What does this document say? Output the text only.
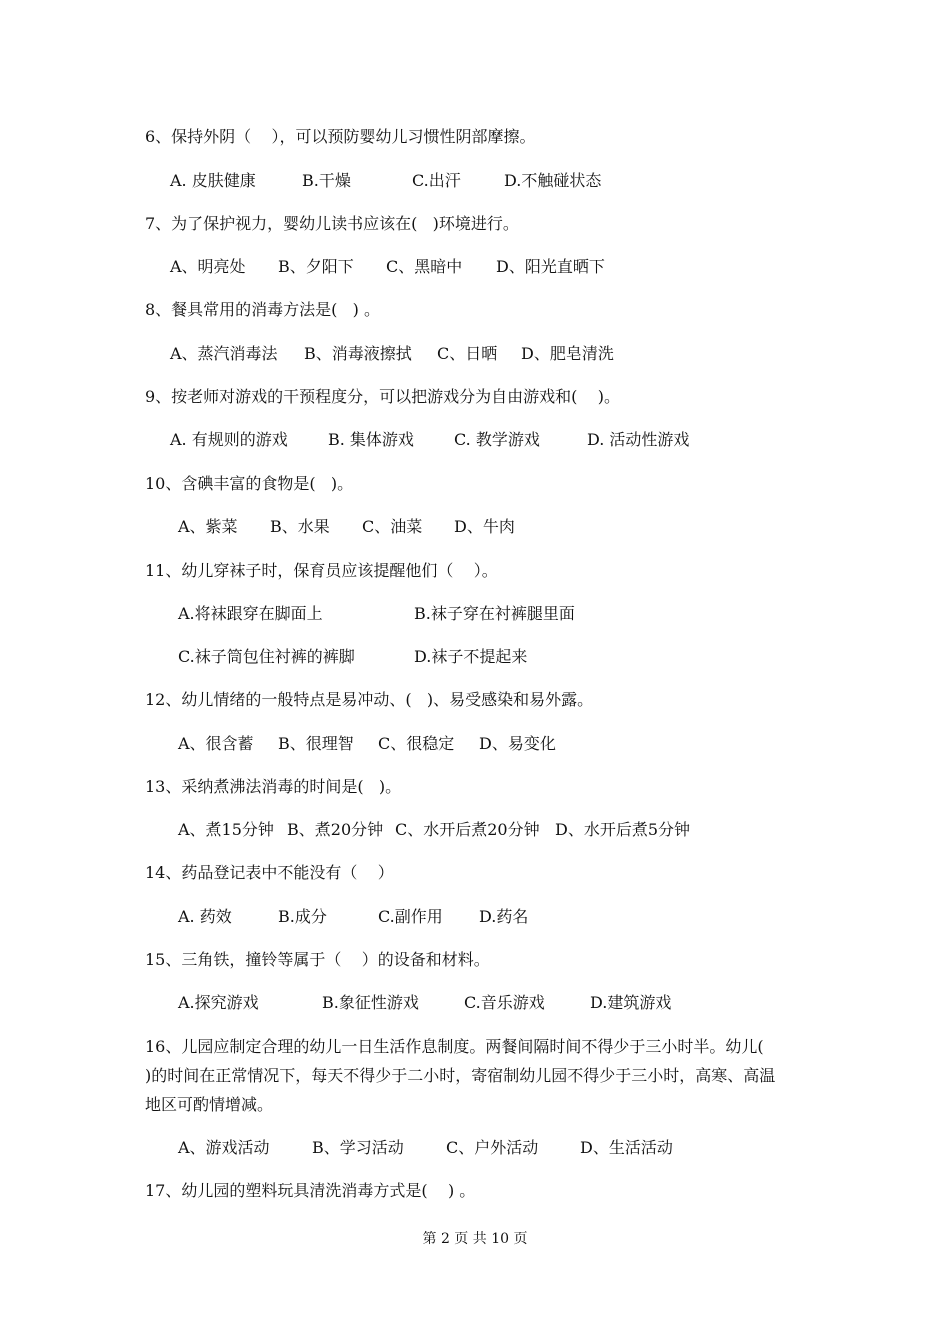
6、保持外阴（    ），可以预防婴幼儿习惯性阴部摩擦。
A. 皮肤健康	B.干燥	C.出汗	D.不触碰状态
7、为了保护视力，婴幼儿读书应该在(   )环境进行。
A、明亮处 B、夕阳下 C、黑暗中 D、阳光直晒下
8、餐具常用的消毒方法是(   ) 。
A、蒸汽消毒法 B、消毒液擦拭 C、日晒 D、肥皂清洗
9、按老师对游戏的干预程度分，可以把游戏分为自由游戏和(    )。
A. 有规则的游戏	B. 集体游戏	C. 教学游戏	D. 活动性游戏
10、含碘丰富的食物是(   )。
A、紫菜 B、水果 C、油菜 D、牛肉
11、幼儿穿袜子时，保育员应该提醒他们（    ）。
A.将袜跟穿在脚面上	B.袜子穿在衬裤腿里面
C.袜子筒包住衬裤的裤脚	D.袜子不提起来
12、幼儿情绪的一般特点是易冲动、(   )、易受感染和易外露。
A、很含蓄 B、很理智 C、很稳定 D、易变化
13、采纳煮沸法消毒的时间是(   )。
A、煮15分钟 B、煮20分钟 C、水开后煮20分钟 D、水开后煮5分钟
14、药品登记表中不能没有（    ）
A. 药效	B.成分	C.副作用 D.药名
15、三角铁，撞铃等属于（    ）的设备和材料。
A.探究游戏	B.象征性游戏	C.音乐游戏	D.建筑游戏
16、儿园应制定合理的幼儿一日生活作息制度。两餐间隔时间不得少于三小时半。幼儿(
)的时间在正常情况下，每天不得少于二小时，寄宿制幼儿园不得少于三小时，高寒、高温
地区可酌情增减。
A、游戏活动	B、学习活动	C、户外活动	D、生活活动
17、幼儿园的塑料玩具清洗消毒方式是(    ) 。
第 2 页 共 10 页
